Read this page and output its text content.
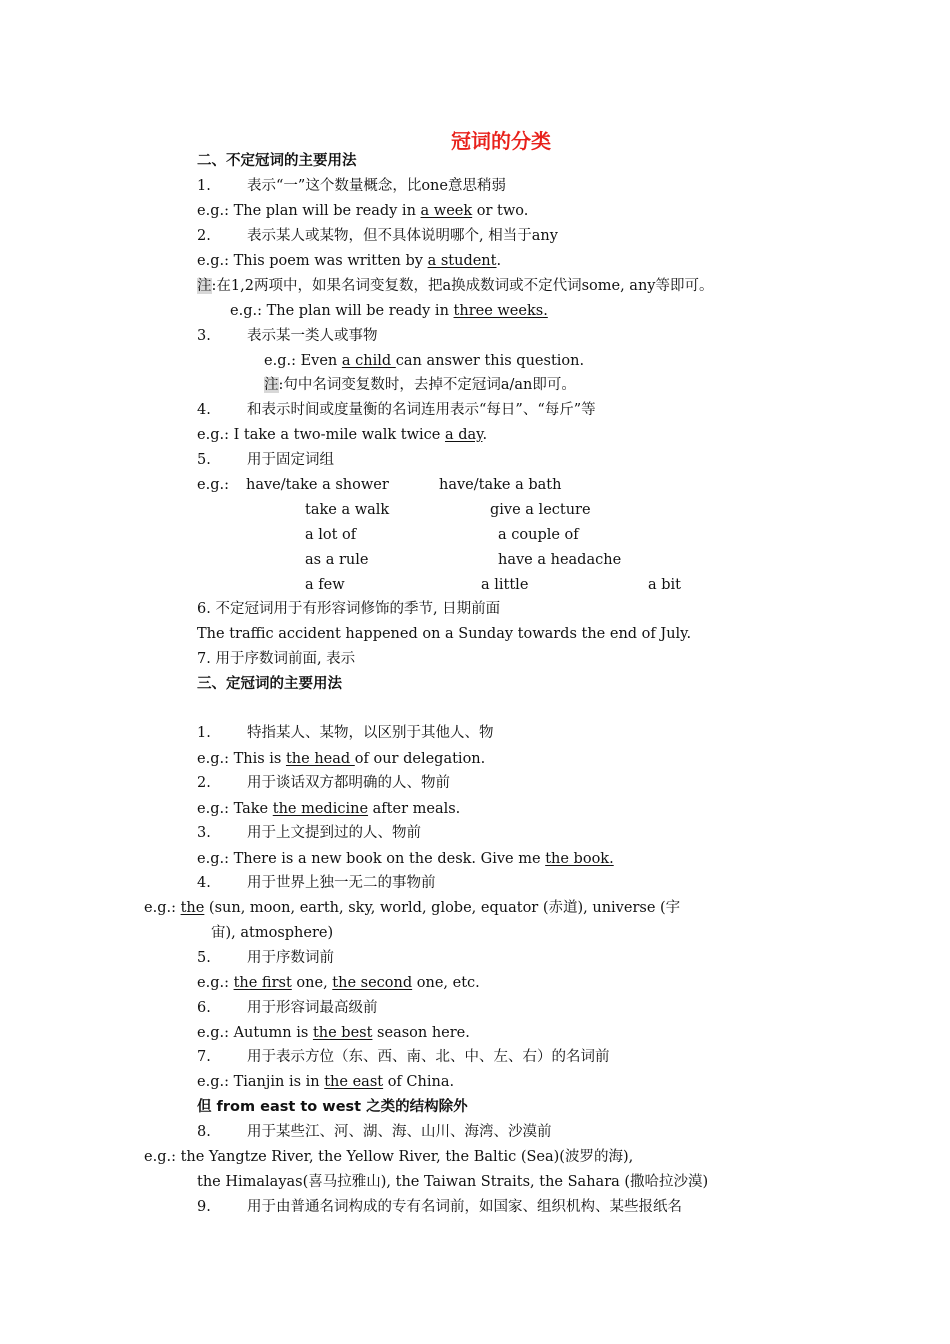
冠词的分类
二、不定冠词的主要用法
1. 表示“一”这个数量概念，比one意思稍弱
e.g.: The plan will be ready in a week or two.
2. 表示某人或某物，但不具体说明哪个, 相当于any
e.g.: This poem was written by a student.
注:在1,2两项中，如果名词变复数，把a换成数词或不定代词some, any等即可。
e.g.: The plan will be ready in three weeks.
3. 表示某一类人或事物
e.g.: Even a child can answer this question.
注:句中名词变复数时，去掉不定冠词a/an即可。
4. 和表示时间或度量衡的名词连用表示“每日”、“每斤”等
e.g.: I take a two-mile walk twice a day.
5. 用于固定词组
e.g.: have/take a shower	have/take a bath
take a walk	give a lecture
a lot of	a couple of
as a rule	have a headache
a few	a little	a bit
6. 不定冠词用于有形容词修饰的季节, 日期前面
The traffic accident happened on a Sunday towards the end of July.
7. 用于序数词前面, 表示
三、定冠词的主要用法
1. 特指某人、某物，以区别于其他人、物
e.g.: This is the head of our delegation.
2. 用于谈话双方都明确的人、物前
e.g.: Take the medicine after meals.
3. 用于上文提到过的人、物前
e.g.: There is a new book on the desk. Give me the book.
4. 用于世界上独一无二的事物前
e.g.: the (sun, moon, earth, sky, world, globe, equator (赤道), universe (宇
宙), atmosphere)
5. 用于序数词前
e.g.: the first one, the second one, etc.
6. 用于形容词最高级前
e.g.: Autumn is the best season here.
7. 用于表示方位（东、西、南、北、中、左、右）的名词前
e.g.: Tianjin is in the east of China.
但 from east to west 之类的结构除外
8. 用于某些江、河、湖、海、山川、海湾、沙漠前
e.g.: the Yangtze River, the Yellow River, the Baltic (Sea)(波罗的海),
the Himalayas(喜马拉雅山), the Taiwan Straits, the Sahara (撒哈拉沙漠)
9. 用于由普通名词构成的专有名词前，如国家、组织机构、某些报纸名
